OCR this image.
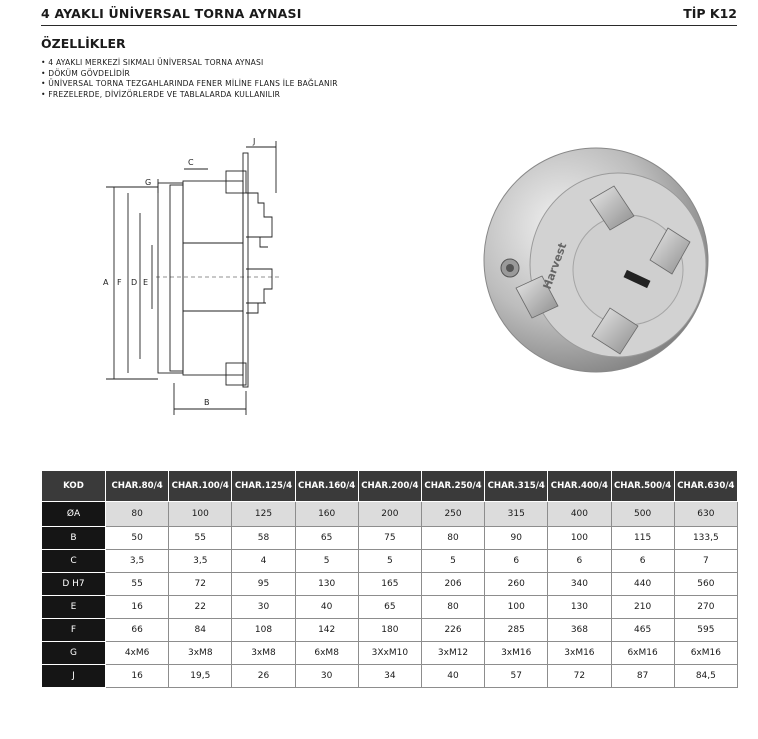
4 AYAKLI ÜNİVERSAL TORNA AYNASI	TİP K12
ÖZELLİKLER
• 4 AYAKLI MERKEZİ SIKMALI ÜNİVERSAL TORNA AYNASI
• DÖKÜM GÖVDELİDİR
• ÜNİVERSAL TORNA TEZGAHLARINDA FENER MİLİNE FLANS İLE BAĞLANIR
• FREZELERDE, DİVİZÖRLERDE VE TABLALARDA KULLANILIR
J
C
G
A F D E
B
Harvest
KOD	CHAR.80/4	CHAR.100/4	CHAR.125/4	CHAR.160/4	CHAR.200/4	CHAR.250/4	CHAR.315/4	CHAR.400/4	CHAR.500/4	CHAR.630/4
ØA	80	100	125	160	200	250	315	400	500	630
B	50	55	58	65	75	80	90	100	115	133,5
C	3,5	3,5	4	5	5	5	6	6	6	7
D H7	55	72	95	130	165	206	260	340	440	560
E	16	22	30	40	65	80	100	130	210	270
F	66	84	108	142	180	226	285	368	465	595
G	4xM6	3xM8	3xM8	6xM8	3XxM10	3xM12	3xM16	3xM16	6xM16	6xM16
J	16	19,5	26	30	34	40	57	72	87	84,5
